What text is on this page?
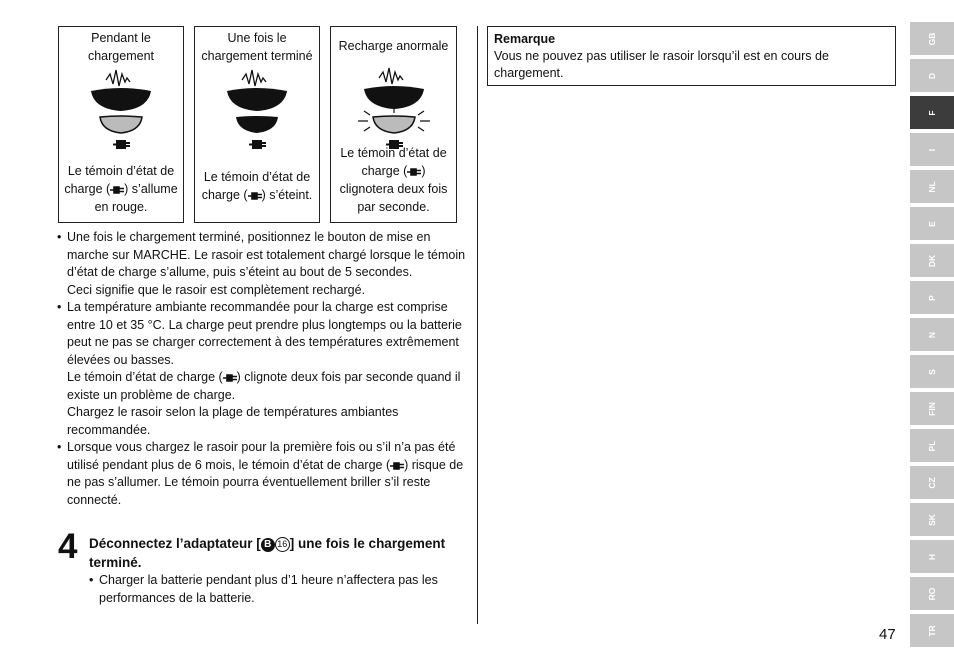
Pendant le chargement
Le témoin d’état de charge ( ) s’allume en rouge.
Une fois le chargement terminé
Le témoin d’état de charge ( ) s’éteint.
Recharge anormale
Le témoin d’état de charge ( ) clignotera deux fois par seconde.
• Une fois le chargement terminé, positionnez le bouton de mise en marche sur MARCHE. Le rasoir est totalement chargé lorsque le témoin d’état de charge s’allume, puis s’éteint au bout de 5 secondes.
Ceci signifie que le rasoir est complètement rechargé.
• La température ambiante recommandée pour la charge est comprise entre 10 et 35 °C. La charge peut prendre plus longtemps ou la batterie peut ne pas se charger correctement à des températures extrêmement élevées ou basses.
Le témoin d’état de charge ( ) clignote deux fois par seconde quand il existe un problème de charge.
Chargez le rasoir selon la plage de températures ambiantes recommandée.
• Lorsque vous chargez le rasoir pour la première fois ou s’il n’a pas été utilisé pendant plus de 6 mois, le témoin d’état de charge ( ) risque de ne pas s’allumer. Le témoin pourra éventuellement briller s’il reste connecté.
4 Déconnectez l’adaptateur [ B 16 ] une fois le chargement terminé.
• Charger la batterie pendant plus d’1 heure n’affectera pas les performances de la batterie.
Remarque
Vous ne pouvez pas utiliser le rasoir lorsqu’il est en cours de chargement.
GB
D
F
I
NL
E
DK
P
N
S
FIN
PL
CZ
SK
H
RO
TR
47
